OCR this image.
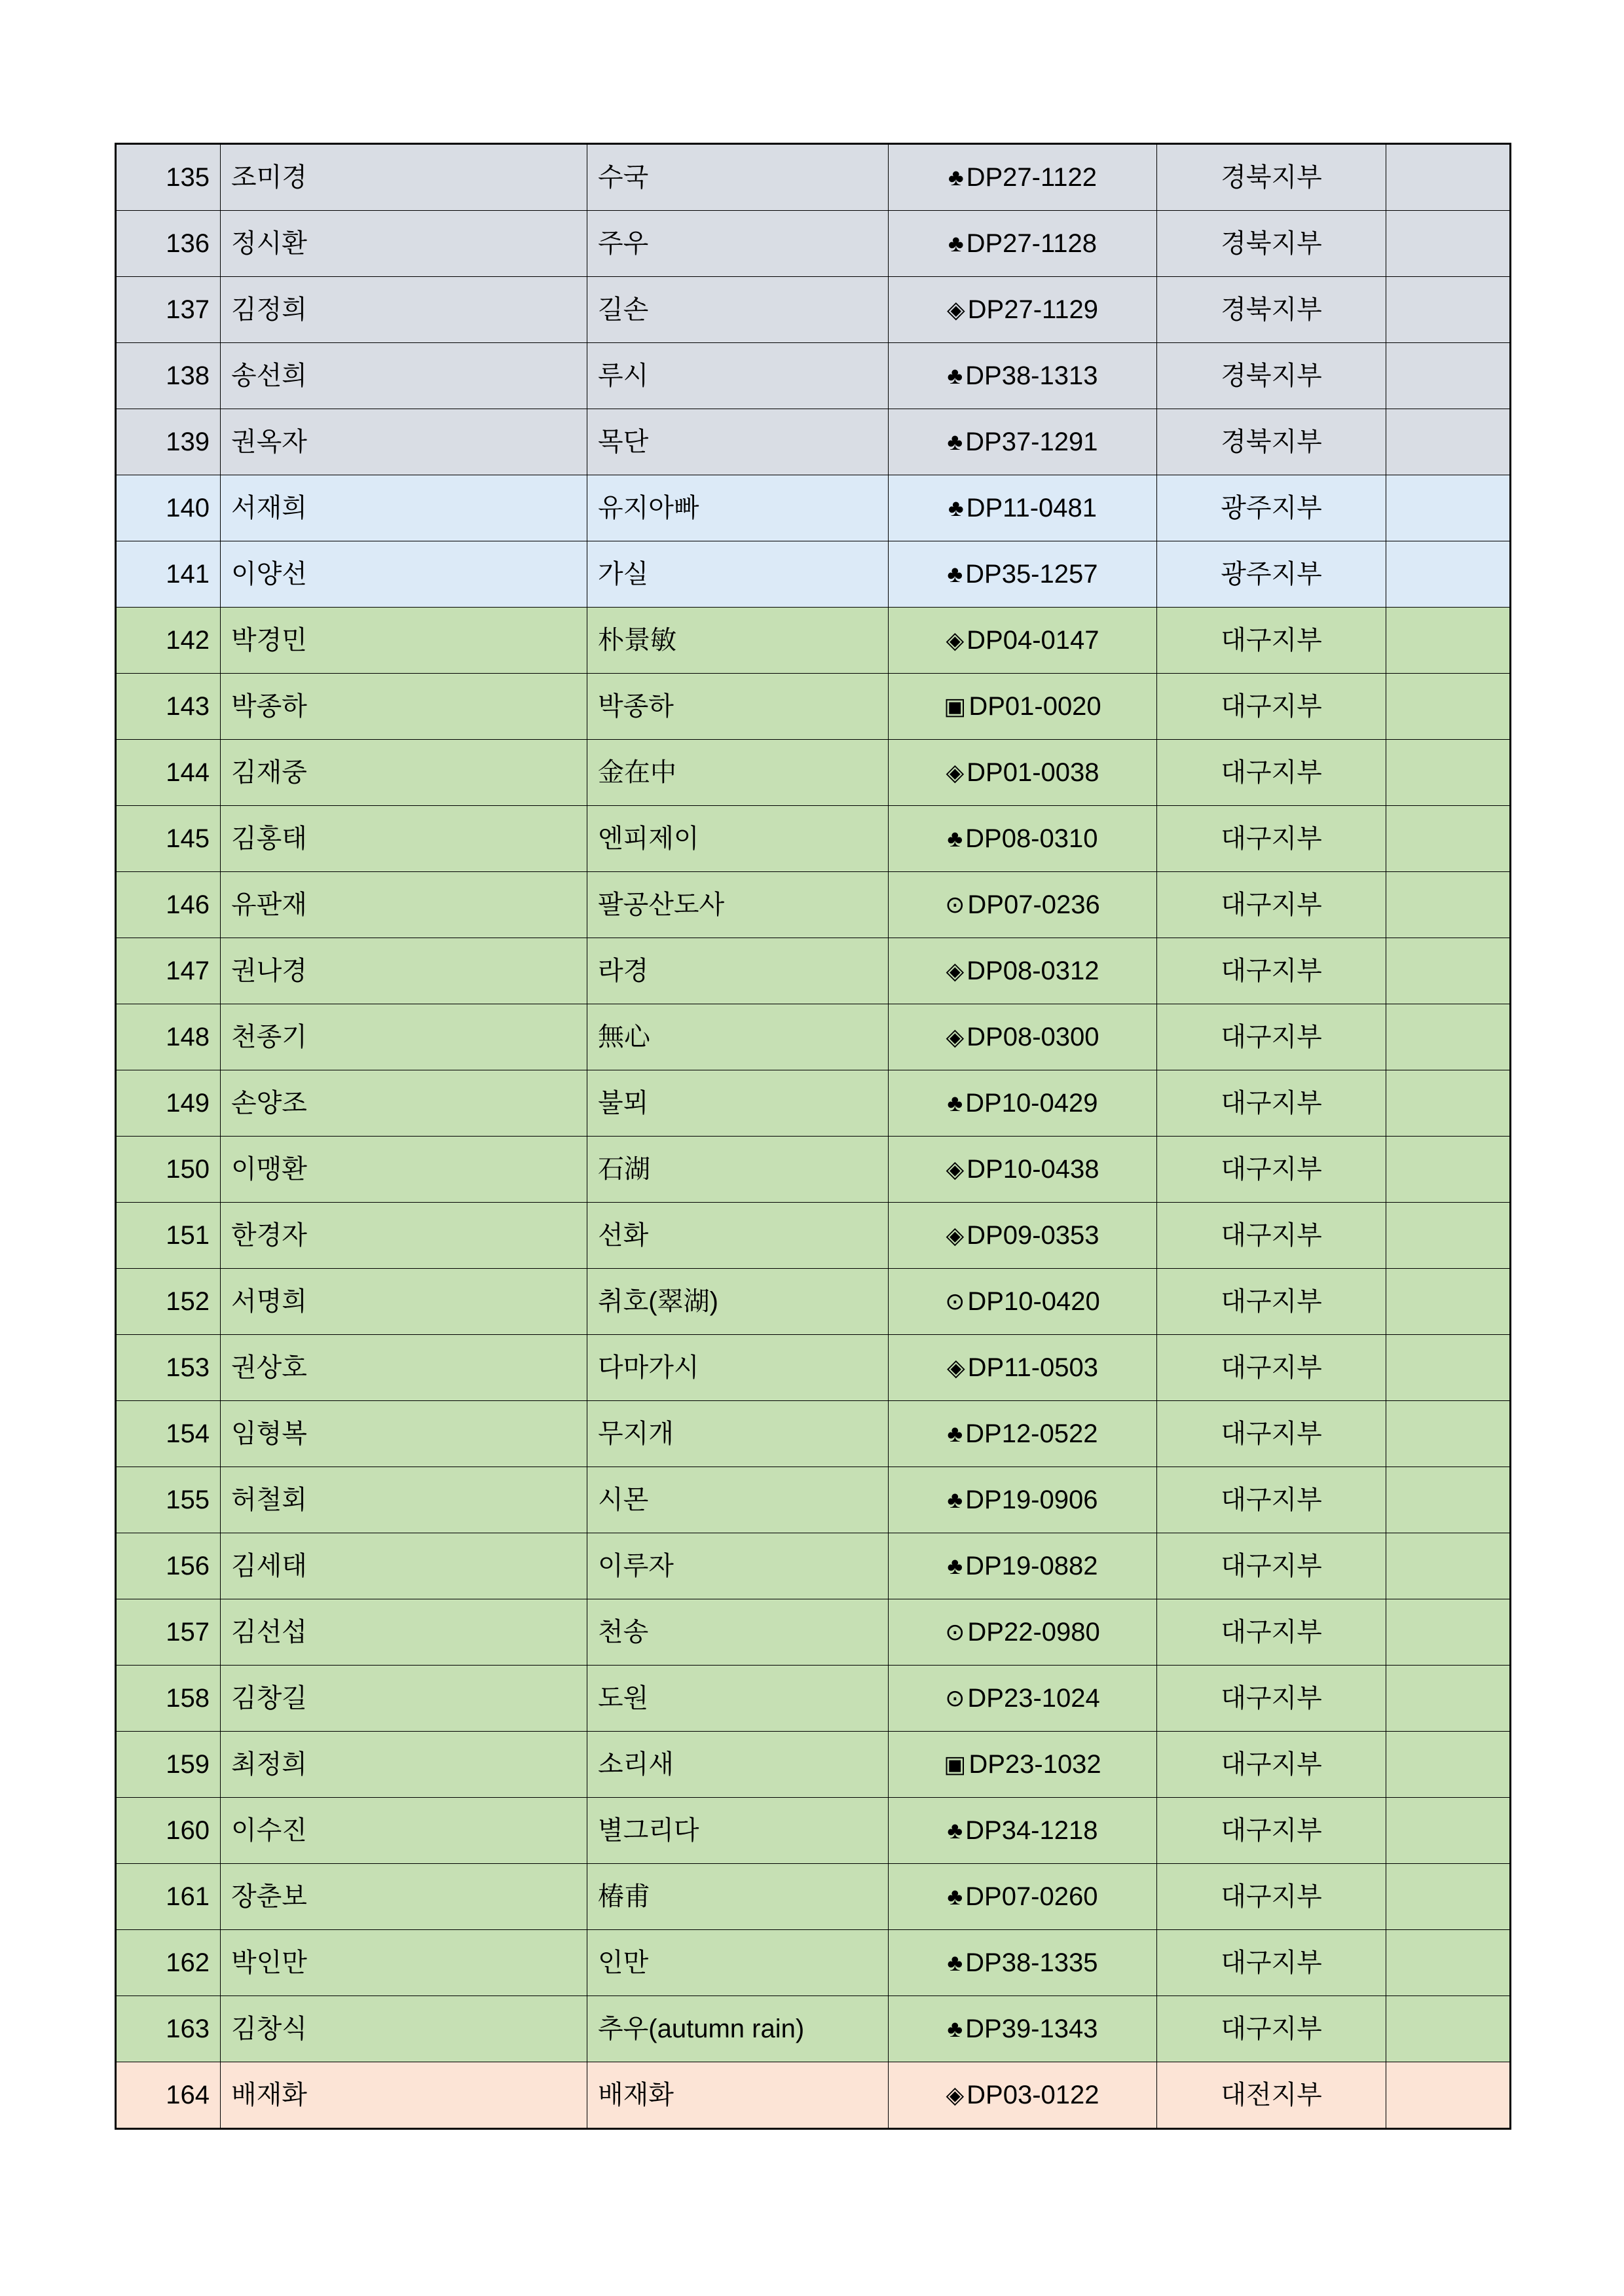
135	조미경	수국	♣ DP27-1122	경북지부	
136	정시환	주우	♣ DP27-1128	경북지부	
137	김정희	길손	◈ DP27-1129	경북지부	
138	송선희	루시	♣ DP38-1313	경북지부	
139	권옥자	목단	♣ DP37-1291	경북지부	
140	서재희	유지아빠	♣ DP11-0481	광주지부	
141	이양선	가실	♣ DP35-1257	광주지부	
142	박경민	朴景敏	◈ DP04-0147	대구지부	
143	박종하	박종하	▣ DP01-0020	대구지부	
144	김재중	金在中	◈ DP01-0038	대구지부	
145	김홍태	엔피제이	♣ DP08-0310	대구지부	
146	유판재	팔공산도사	⊙ DP07-0236	대구지부	
147	권나경	라경	◈ DP08-0312	대구지부	
148	천종기	無心	◈ DP08-0300	대구지부	
149	손양조	불뫼	♣ DP10-0429	대구지부	
150	이맹환	石湖	◈ DP10-0438	대구지부	
151	한경자	선화	◈ DP09-0353	대구지부	
152	서명희	취호(翠湖)	⊙ DP10-0420	대구지부	
153	권상호	다마가시	◈ DP11-0503	대구지부	
154	임형복	무지개	♣ DP12-0522	대구지부	
155	허철회	시몬	♣ DP19-0906	대구지부	
156	김세태	이루자	♣ DP19-0882	대구지부	
157	김선섭	천송	⊙ DP22-0980	대구지부	
158	김창길	도원	⊙ DP23-1024	대구지부	
159	최정희	소리새	▣ DP23-1032	대구지부	
160	이수진	별그리다	♣ DP34-1218	대구지부	
161	장춘보	椿甫	♣ DP07-0260	대구지부	
162	박인만	인만	♣ DP38-1335	대구지부	
163	김창식	추우(autumn rain)	♣ DP39-1343	대구지부	
164	배재화	배재화	◈ DP03-0122	대전지부	
